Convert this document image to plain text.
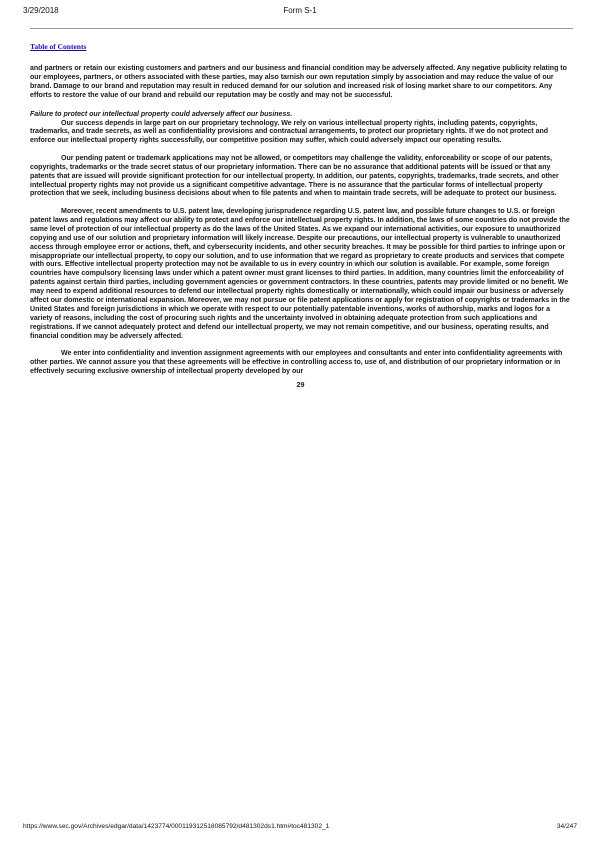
3/29/2018	Form S-1
Table of Contents

and partners or retain our existing customers and partners and our business and financial condition may be adversely affected. Any negative publicity relating to our employees, partners, or others associated with these parties, may also tarnish our own reputation simply by association and may reduce the value of our brand. Damage to our brand and reputation may result in reduced demand for our solution and increased risk of losing market share to our competitors. Any efforts to restore the value of our brand and rebuild our reputation may be costly and may not be successful.

Failure to protect our intellectual property could adversely affect our business.

Our success depends in large part on our proprietary technology. We rely on various intellectual property rights, including patents, copyrights, trademarks, and trade secrets, as well as confidentiality provisions and contractual arrangements, to protect our proprietary rights. If we do not protect and enforce our intellectual property rights successfully, our competitive position may suffer, which could adversely impact our operating results.

Our pending patent or trademark applications may not be allowed, or competitors may challenge the validity, enforceability or scope of our patents, copyrights, trademarks or the trade secret status of our proprietary information. There can be no assurance that additional patents will be issued or that any patents that are issued will provide significant protection for our intellectual property. In addition, our patents, copyrights, trademarks, trade secrets, and other intellectual property rights may not provide us a significant competitive advantage. There is no assurance that the particular forms of intellectual property protection that we seek, including business decisions about when to file patents and when to maintain trade secrets, will be adequate to protect our business.

Moreover, recent amendments to U.S. patent law, developing jurisprudence regarding U.S. patent law, and possible future changes to U.S. or foreign patent laws and regulations may affect our ability to protect and enforce our intellectual property rights. In addition, the laws of some countries do not provide the same level of protection of our intellectual property as do the laws of the United States. As we expand our international activities, our exposure to unauthorized copying and use of our solution and proprietary information will likely increase. Despite our precautions, our intellectual property is vulnerable to unauthorized access through employee error or actions, theft, and cybersecurity incidents, and other security breaches. It may be possible for third parties to infringe upon or misappropriate our intellectual property, to copy our solution, and to use information that we regard as proprietary to create products and services that compete with ours. Effective intellectual property protection may not be available to us in every country in which our solution is available. For example, some foreign countries have compulsory licensing laws under which a patent owner must grant licenses to third parties. In addition, many countries limit the enforceability of patents against certain third parties, including government agencies or government contractors. In these countries, patents may provide limited or no benefit. We may need to expend additional resources to defend our intellectual property rights domestically or internationally, which could impair our business or adversely affect our domestic or international expansion. Moreover, we may not pursue or file patent applications or apply for registration of copyrights or trademarks in the United States and foreign jurisdictions in which we operate with respect to our potentially patentable inventions, works of authorship, marks and logos for a variety of reasons, including the cost of procuring such rights and the uncertainty involved in obtaining adequate protection from such applications and registrations. If we cannot adequately protect and defend our intellectual property, we may not remain competitive, and our business, operating results, and financial condition may be adversely affected.

We enter into confidentiality and invention assignment agreements with our employees and consultants and enter into confidentiality agreements with other parties. We cannot assure you that these agreements will be effective in controlling access to, use of, and distribution of our proprietary information or in effectively securing exclusive ownership of intellectual property developed by our

29
https://www.sec.gov/Archives/edgar/data/1423774/000119312518085792/d481302ds1.htm#toc481302_1	34/247
